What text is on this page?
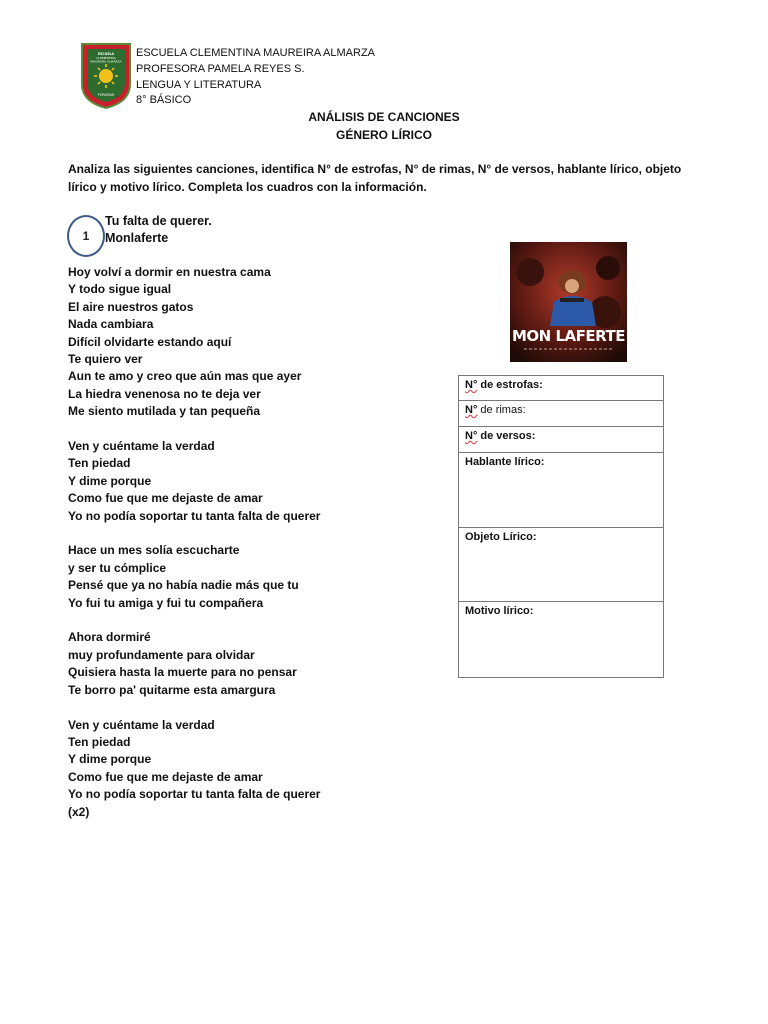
ESCUELA
CLEMENTINA
MAUREIRA ALMARZA
PORVENIR
ESCUELA CLEMENTINA MAUREIRA ALMARZA
PROFESORA PAMELA REYES S.
LENGUA Y LITERATURA
8° BÁSICO
ANÁLISIS DE CANCIONES
GÉNERO LÍRICO
Analiza las siguientes canciones, identifica N° de estrofas, N° de rimas, N° de versos, hablante lírico, objeto lírico y motivo lírico. Completa los cuadros con la información.
1
Tu falta de querer.
Monlaferte
Hoy volví a dormir en nuestra cama
Y todo sigue igual
El aire nuestros gatos
Nada cambiara
Difícil olvidarte estando aquí
Te quiero ver
Aun te amo y creo que aún mas que ayer
La hiedra venenosa no te deja ver
Me siento mutilada y tan pequeña
Ven y cuéntame la verdad
Ten piedad
Y dime porque
Como fue que me dejaste de amar
Yo no podía soportar tu tanta falta de querer
Hace un mes solía escucharte
y ser tu cómplice
Pensé que ya no había nadie más que tu
Yo fui tu amiga y fui tu compañera
Ahora dormiré
muy profundamente para olvidar
Quisiera hasta la muerte para no pensar
Te borro pa' quitarme esta amargura
Ven y cuéntame la verdad
Ten piedad
Y dime porque
Como fue que me dejaste de amar
Yo no podía soportar tu tanta falta de querer
(x2)
MON LAFERTE
N° de estrofas:
N° de rimas:
N° de versos:
Hablante lírico:
Objeto Lírico:
Motivo lírico:
